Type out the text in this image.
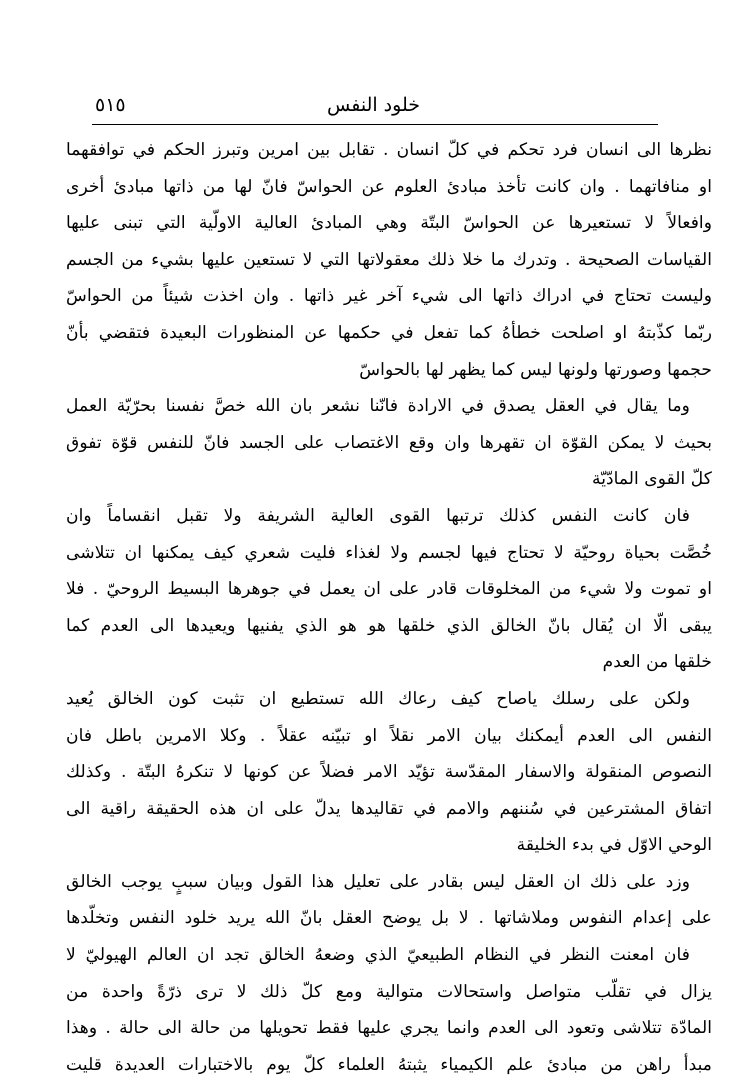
خلود النفس
٥١٥
نظرها الى انسان فرد تحكم في كلّ انسان . تقابل بين امرين وتبرز الحكم في توافقهما
او منافاتهما . وان كانت تأخذ مبادئ العلوم عن الحواسّ فانّ لها من ذاتها مبادئ أخرى
وافعالاً لا تستعيرها عن الحواسّ البتّة وهي المبادئ العالية الاولّية التي تبنى عليها
القياسات الصحيحة . وتدرك ما خلا ذلك معقولاتها التي لا تستعين عليها بشيء من الجسم
وليست تحتاج في ادراك ذاتها الى شيء آخر غير ذاتها . وان اخذت شيئاً من الحواسّ
ربّما كذّبتهُ او اصلحت خطأهُ كما تفعل في حكمها عن المنظورات البعيدة فتقضي بأنّ
حجمها وصورتها ولونها ليس كما يظهر لها بالحواسّ
وما يقال في العقل يصدق في الارادة فانّنا نشعر بان الله خصَّ نفسنا بحرّيّة العمل
بحيث لا يمكن القوّة ان تقهرها وان وقع الاغتصاب على الجسد فانّ للنفس قوّة تفوق
كلّ القوى المادّيّة
فان كانت النفس كذلك ترتبها القوى العالية الشريفة ولا تقبل انقساماً وان
خُصَّت بحياة روحيّة لا تحتاج فيها لجسم ولا لغذاء فليت شعري كيف يمكنها ان تتلاشى
او تموت ولا شيء من المخلوقات قادر على ان يعمل في جوهرها البسيط الروحيّ . فلا
يبقى الّا ان يُقال بانّ الخالق الذي خلقها هو هو الذي يفنيها ويعيدها الى العدم كما
خلقها من العدم
ولكن على رسلك ياصاح كيف رعاك الله تستطيع ان تثبت كون الخالق يُعيد
النفس الى العدم أيمكنك بيان الامر نقلاً او تبيّنه عقلاً . وكلا الامرين باطل فان
النصوص المنقولة والاسفار المقدّسة تؤيّد الامر فضلاً عن كونها لا تنكرهُ البتّة . وكذلك
اتفاق المشترعين في سُننهم والامم في تقاليدها يدلّ على ان هذه الحقيقة راقية الى
الوحي الاوّل في بدء الخليقة
وزد على ذلك ان العقل ليس بقادر على تعليل هذا القول وبيان سببٍ يوجب الخالق
على إعدام النفوس وملاشاتها . لا بل يوضح العقل بانّ الله يريد خلود النفس وتخلّدها
فان امعنت النظر في النظام الطبيعيّ الذي وضعهُ الخالق تجد ان العالم الهيوليّ لا
يزال في تقلّب متواصل واستحالات متوالية ومع كلّ ذلك لا ترى ذرّةً واحدة من
المادّة تتلاشى وتعود الى العدم وانما يجري عليها فقط تحويلها من حالة الى حالة . وهذا
مبدأ راهن من مبادئ علم الكيمياء يثبتهُ العلماء كلّ يوم بالاختبارات العديدة قليت
